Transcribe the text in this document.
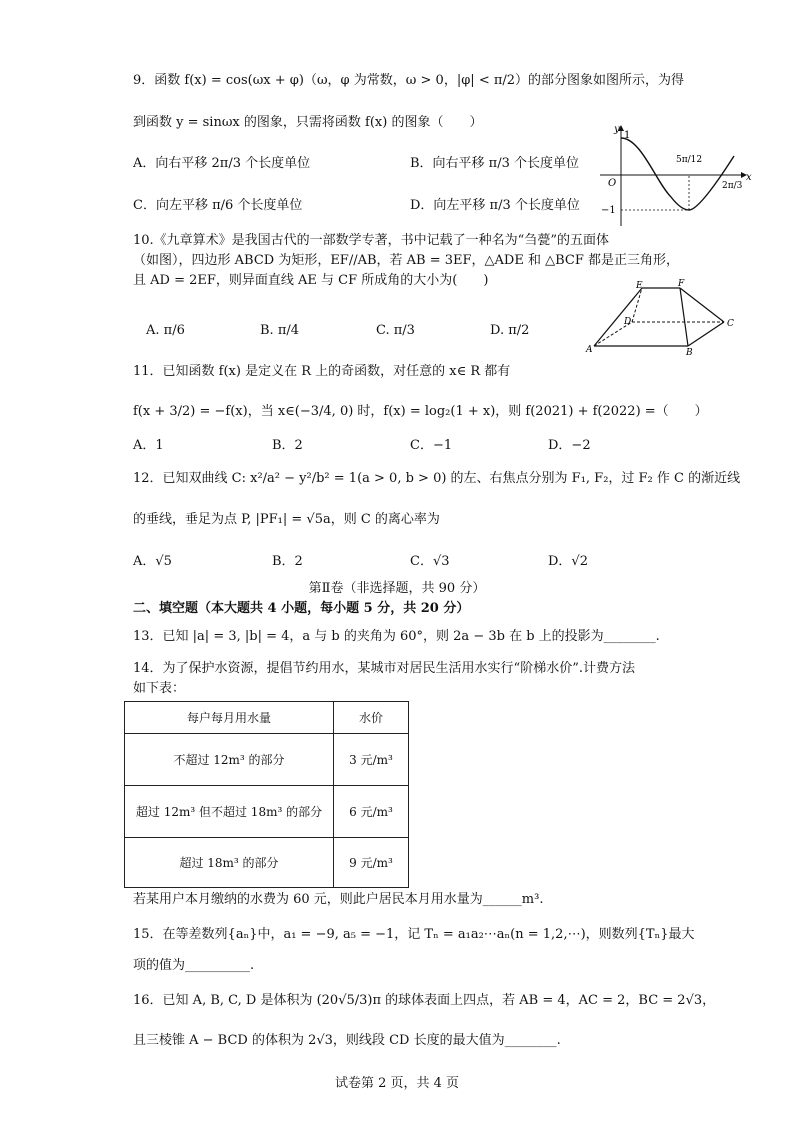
9．函数 f(x) = cos(ωx + φ)（ω，φ 为常数，ω > 0，|φ| < π/2）的部分图象如图所示，为得
到函数 y = sinωx 的图象，只需将函数 f(x) 的图象（　　）
A．向右平移 2π/3 个长度单位	B．向右平移 π/3 个长度单位
C．向左平移 π/6 个长度单位	D．向左平移 π/3 个长度单位
y
x
O
1
−1
5π/12
2π/3
10.《九章算术》是我国古代的一部数学专著，书中记载了一种名为“刍甍”的五面体
（如图），四边形 ABCD 为矩形，EF//AB，若 AB = 3EF，△ADE 和 △BCF 都是正三角形，
且 AD = 2EF，则异面直线 AE 与 CF 所成角的大小为(　　)
A. π/6	B. π/4	C. π/3	D. π/2
E	F
D	C
A	B
11．已知函数 f(x) 是定义在 R 上的奇函数，对任意的 x∈ R 都有
f(x + 3/2) = −f(x)，当 x∈(−3/4, 0) 时，f(x) = log₂(1 + x)，则 f(2021) + f(2022) =（　　）
A．1	B．2	C．−1	D．−2
12．已知双曲线 C: x²/a² − y²/b² = 1(a > 0, b > 0) 的左、右焦点分别为 F₁, F₂，过 F₂ 作 C 的渐近线
的垂线，垂足为点 P, |PF₁| = √5a，则 C 的离心率为
A．√5	B．2	C．√3	D．√2
第Ⅱ卷（非选择题，共 90 分）
二、填空题（本大题共 4 小题，每小题 5 分，共 20 分）
13．已知 |a| = 3, |b| = 4，a 与 b 的夹角为 60°，则 2a − 3b 在 b 上的投影为________.
14．为了保护水资源，提倡节约用水，某城市对居民生活用水实行“阶梯水价”.计费方法
如下表：
每户每月用水量	水价
不超过 12m³ 的部分	3 元/m³
超过 12m³ 但不超过 18m³ 的部分	6 元/m³
超过 18m³ 的部分	9 元/m³
若某用户本月缴纳的水费为 60 元，则此户居民本月用水量为______m³.
15．在等差数列{aₙ}中，a₁ = −9, a₅ = −1，记 Tₙ = a₁a₂⋯aₙ(n = 1,2,⋯)，则数列{Tₙ}最大
项的值为__________.
16．已知 A, B, C, D 是体积为 (20√5/3)π 的球体表面上四点，若 AB = 4，AC = 2，BC = 2√3，
且三棱锥 A − BCD 的体积为 2√3，则线段 CD 长度的最大值为________.
试卷第 2 页，共 4 页
